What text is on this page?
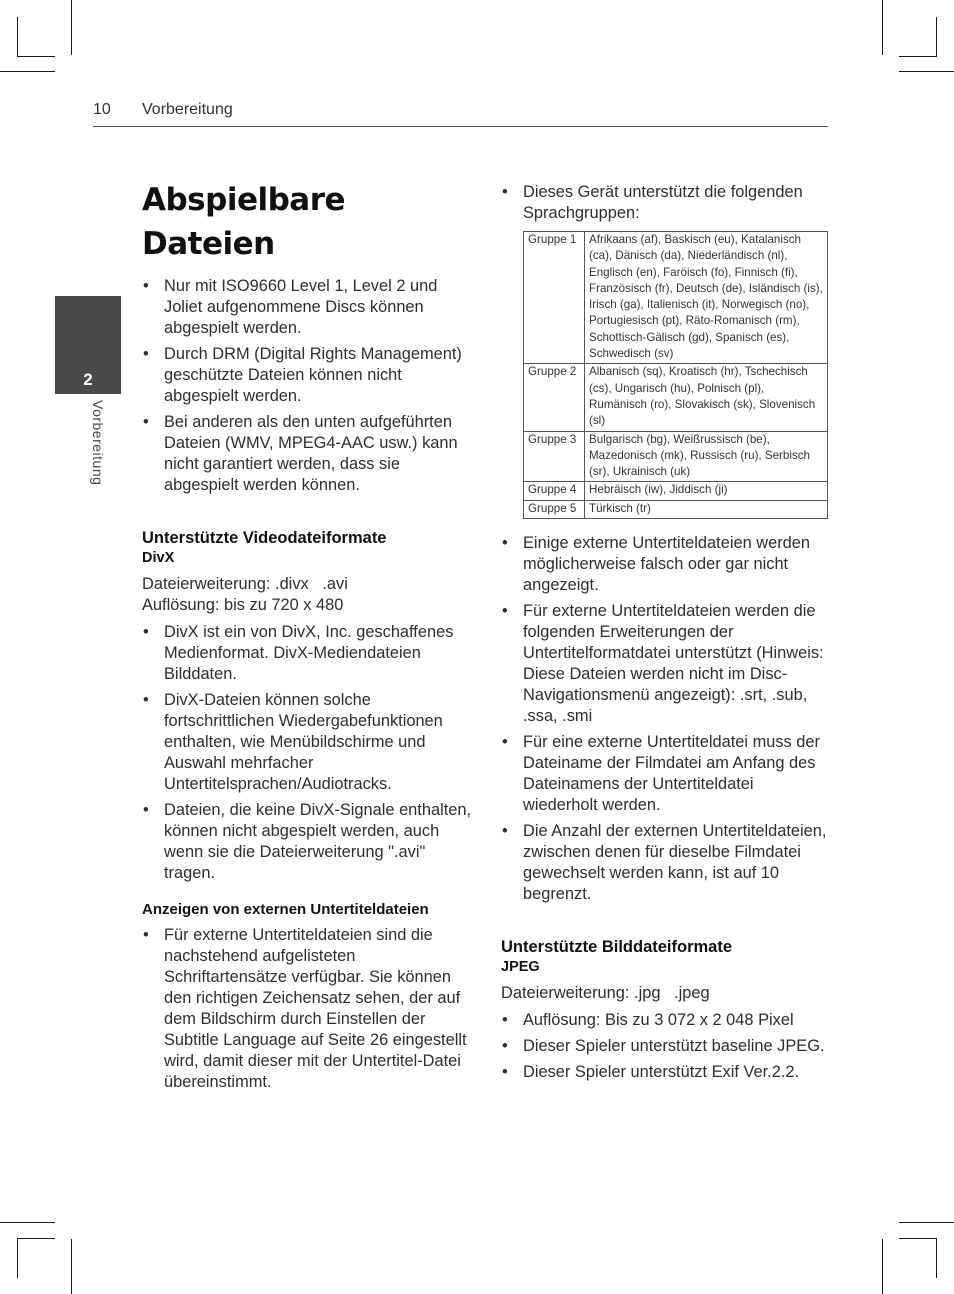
10 Vorbereitung
2
Vorbereitung
Abspielbare Dateien
• Nur mit ISO9660 Level 1, Level 2 und Joliet aufgenommene Discs können abgespielt werden.
• Durch DRM (Digital Rights Management) geschützte Dateien können nicht abgespielt werden.
• Bei anderen als den unten aufgeführten Dateien (WMV, MPEG4-AAC usw.) kann nicht garantiert werden, dass sie abgespielt werden können.
Unterstützte Videodateiformate
DivX

Dateierweiterung: .divx   .avi

Auflösung: bis zu 720 x 480

• DivX ist ein von DivX, Inc. geschaffenes Medienformat. DivX-Mediendateien Bilddaten.
• DivX-Dateien können solche fortschrittlichen Wiedergabefunktionen enthalten, wie Menübildschirme und Auswahl mehrfacher Untertitelsprachen/Audiotracks.
• Dateien, die keine DivX-Signale enthalten, können nicht abgespielt werden, auch wenn sie die Dateierweiterung ".avi" tragen.
Anzeigen von externen Untertiteldateien
• Für externe Untertiteldateien sind die nachstehend aufgelisteten Schriftartensätze verfügbar. Sie können den richtigen Zeichensatz sehen, der auf dem Bildschirm durch Einstellen der Subtitle Language auf Seite 26 eingestellt wird, damit dieser mit der Untertitel-Datei übereinstimmt.
• Dieses Gerät unterstützt die folgenden Sprachgruppen:
Gruppe 1	Afrikaans (af), Baskisch (eu), Katalanisch (ca), Dänisch (da), Niederländisch (nl), Englisch (en), Faröisch (fo), Finnisch (fi), Französisch (fr), Deutsch (de), Isländisch (is), Irisch (ga), Italienisch (it), Norwegisch (no), Portugiesisch (pt), Räto-Romanisch (rm), Schottisch-Gälisch (gd), Spanisch (es), Schwedisch (sv)
Gruppe 2	Albanisch (sq), Kroatisch (hr), Tschechisch (cs), Ungarisch (hu), Polnisch (pl), Rumänisch (ro), Slovakisch (sk), Slovenisch (sl)
Gruppe 3	Bulgarisch (bg), Weißrussisch (be), Mazedonisch (mk), Russisch (ru), Serbisch (sr), Ukrainisch (uk)
Gruppe 4	Hebräisch (iw), Jiddisch (ji)
Gruppe 5	Türkisch (tr)
• Einige externe Untertiteldateien werden möglicherweise falsch oder gar nicht angezeigt.
• Für externe Untertiteldateien werden die folgenden Erweiterungen der Untertitelformatdatei unterstützt (Hinweis: Diese Dateien werden nicht im Disc-Navigationsmenü angezeigt): .srt, .sub, .ssa, .smi
• Für eine externe Untertiteldatei muss der Dateiname der Filmdatei am Anfang des Dateinamens der Untertiteldatei wiederholt werden.
• Die Anzahl der externen Untertiteldateien, zwischen denen für dieselbe Filmdatei gewechselt werden kann, ist auf 10 begrenzt.
Unterstützte Bilddateiformate
JPEG

Dateierweiterung: .jpg   .jpeg

• Auflösung: Bis zu 3 072 x 2 048 Pixel
• Dieser Spieler unterstützt baseline JPEG.
• Dieser Spieler unterstützt Exif Ver.2.2.
